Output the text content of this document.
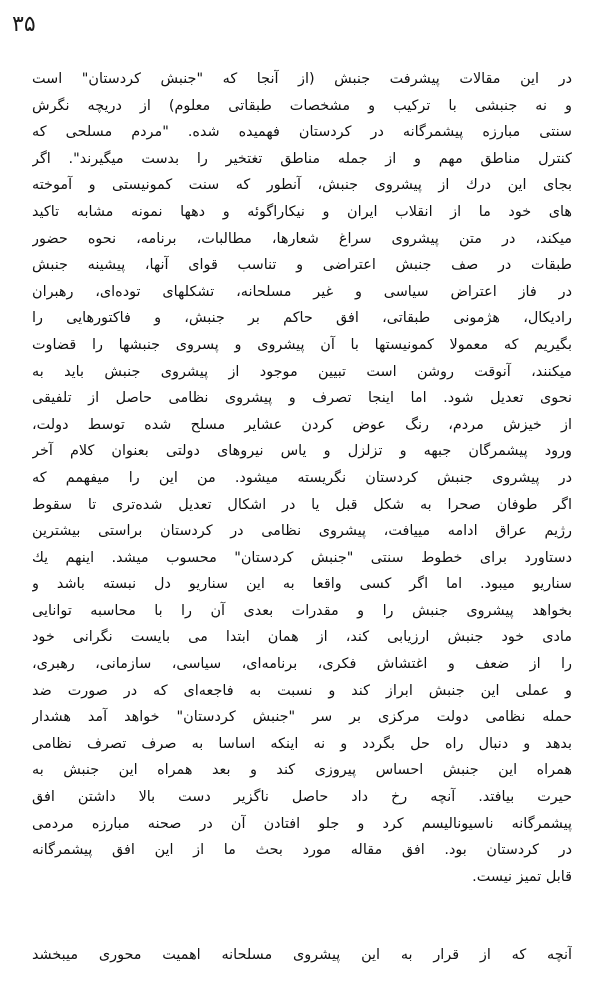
۳۵
در این مقالات پیشرفت جنبش (از آنجا که "جنبش کردستان" است
و نه جنبشی با ترکیب و مشخصات طبقاتی معلوم) از دریچه نگرش
سنتی مبارزه پیشمرگانه در کردستان فهمیده شده. "مردم مسلحی که
کنترل مناطق مهم و از جمله مناطق تغتخیر را بدست میگیرند". اگر
بجای این درك از پیشروی جنبش، آنطور که سنت کمونیستی و آموخته
های خود ما از انقلاب ایران و نیکاراگوئه و دهها نمونه مشابه تاکید
میکند، در متن پیشروی سراغ شعارها، مطالبات، برنامه، نحوه حضور
طبقات در صف جنبش اعتراضی و تناسب قوای آنها، پیشینه جنبش
در فاز اعتراض سیاسی و غیر مسلحانه، تشکلهای توده‌ای، رهبران
رادیکال، هژمونی طبقاتی، افق حاکم بر جنبش، و فاکتورهایی را
بگیریم که معمولا کمونیستها با آن پیشروی و پسروی جنبشها را قضاوت
میکنند، آنوقت روشن است تبیین موجود از پیشروی جنبش باید به
نحوی تعدیل شود. اما اینجا تصرف و پیشروی نظامی حاصل از تلفیقی
از خیزش مردم، رنگ عوض کردن عشایر مسلح شده توسط دولت،
ورود پیشمرگان جبهه و تزلزل و یاس نیروهای دولتی بعنوان کلام آخر
در پیشروی جنبش کردستان نگریسته میشود. من این را میفهمم که
اگر طوفان صحرا به شکل قبل یا در اشکال تعدیل شده‌تری تا سقوط
رژیم عراق ادامه مییافت، پیشروی نظامی در کردستان براستی بیشترین
دستاورد برای خطوط سنتی "جنبش کردستان" محسوب میشد. اینهم یك
سناریو میبود. اما اگر کسی واقعا به این سناریو دل نبسته باشد و
بخواهد پیشروی جنبش را و مقدرات بعدی آن را با محاسبه توانایی
مادی خود جنبش ارزیابی کند، از همان ابتدا می بایست نگرانی خود
را از ضعف و اغتشاش فکری، برنامه‌ای، سیاسی، سازمانی، رهبری،
و عملی این جنبش ابراز کند و نسبت به فاجعه‌ای که در صورت ضد
حمله نظامی دولت مرکزی بر سر "جنبش کردستان" خواهد آمد هشدار
بدهد و دنبال راه حل بگردد و نه اینکه اساسا به صرف تصرف نظامی
همراه این جنبش احساس پیروزی کند و بعد همراه این جنبش به
حیرت بیافتد. آنچه رخ داد حاصل ناگزیر دست بالا داشتن افق
پیشمرگانه ناسیونالیسم کرد و جلو افتادن آن در صحنه مبارزه مردمی
در کردستان بود. افق مقاله مورد بحث ما از این افق پیشمرگانه
قابل تمیز نیست.
آنچه که از قرار به این پیشروی مسلحانه اهمیت محوری میبخشد
